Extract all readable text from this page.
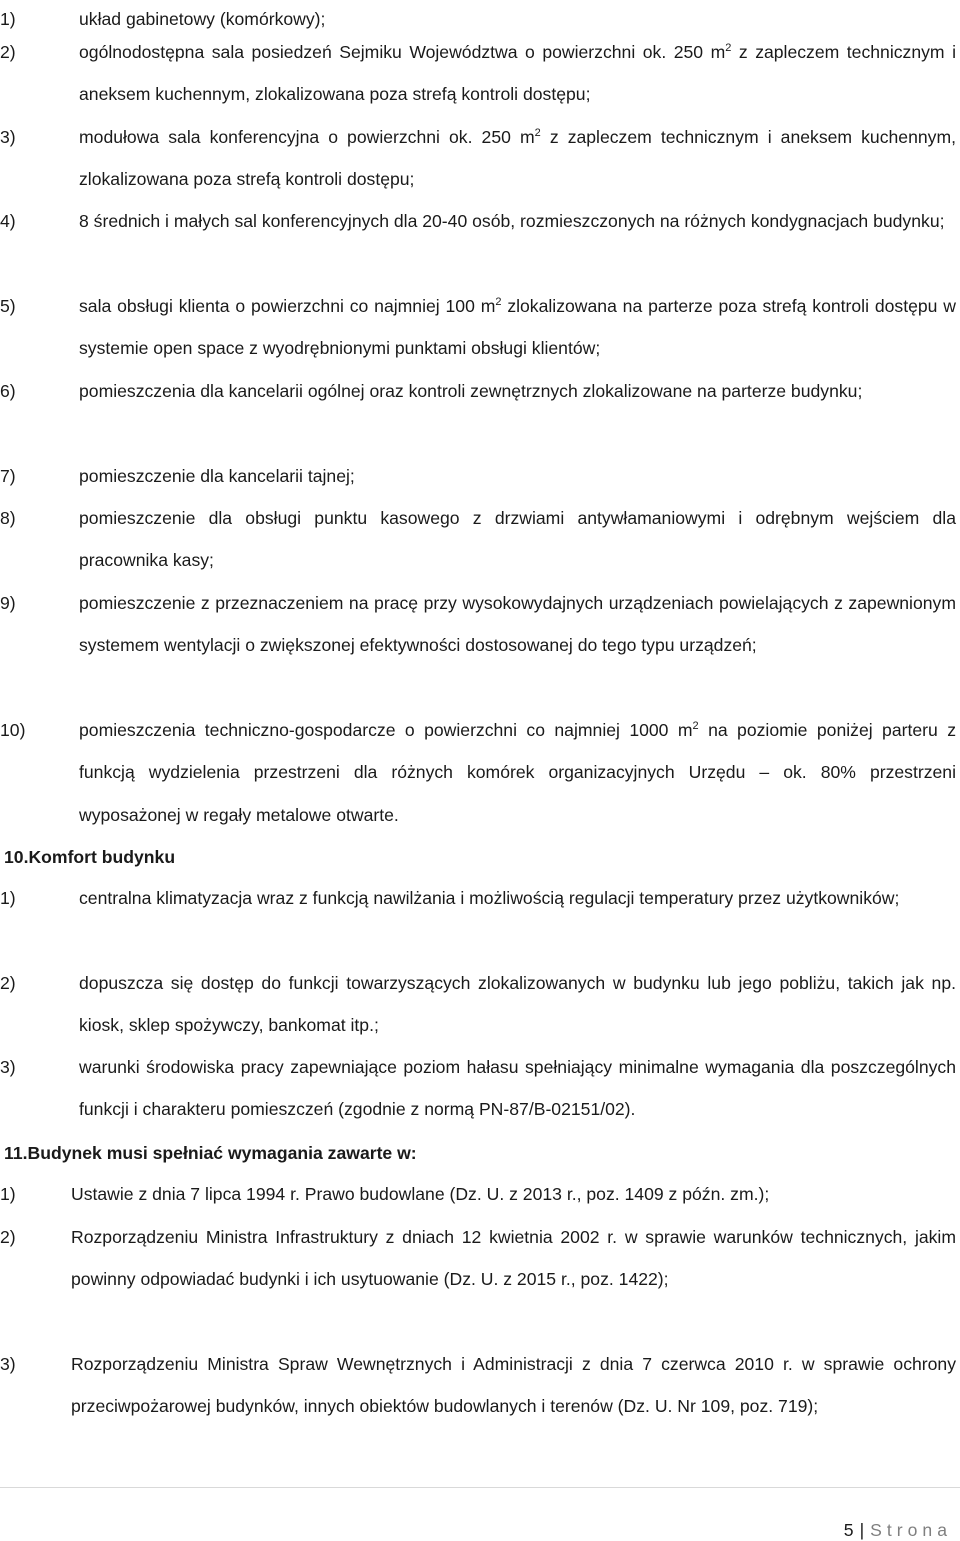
1)	układ gabinetowy (komórkowy);
2)	ogólnodostępna sala posiedzeń Sejmiku Województwa o powierzchni ok. 250 $m^2$ z zapleczem technicznym i aneksem kuchennym, zlokalizowana poza strefą kontroli dostępu;
3)	modułowa sala konferencyjna o powierzchni ok. 250 $m^2$ z zapleczem technicznym i aneksem kuchennym, zlokalizowana poza strefą kontroli dostępu;
4)	8 średnich i małych sal konferencyjnych dla 20-40 osób, rozmieszczonych na różnych kondygnacjach budynku;
5)	sala obsługi klienta o powierzchni co najmniej 100 $m^2$ zlokalizowana na parterze poza strefą kontroli dostępu w systemie open space z wyodrębnionymi punktami obsługi klientów;
6)	pomieszczenia dla kancelarii ogólnej oraz kontroli zewnętrznych zlokalizowane na parterze budynku;
7)	pomieszczenie dla kancelarii tajnej;
8)	pomieszczenie dla obsługi punktu kasowego z drzwiami antywłamaniowymi i odrębnym wejściem dla pracownika kasy;
9)	pomieszczenie z przeznaczeniem na pracę przy wysokowydajnych urządzeniach powielających z zapewnionym systemem wentylacji o zwiększonej efektywności dostosowanej do tego typu urządzeń;
10)	pomieszczenia techniczno-gospodarcze o powierzchni co najmniej 1000 $m^2$ na poziomie poniżej parteru z funkcją wydzielenia przestrzeni dla różnych komórek organizacyjnych Urzędu – ok. 80% przestrzeni wyposażonej w regały metalowe otwarte.
10.Komfort budynku
1)	centralna klimatyzacja wraz z funkcją nawilżania i możliwością regulacji temperatury przez użytkowników;
2)	dopuszcza się dostęp do funkcji towarzyszących zlokalizowanych w budynku lub jego pobliżu, takich jak np. kiosk, sklep spożywczy, bankomat itp.;
3)	warunki środowiska pracy zapewniające poziom hałasu spełniający minimalne wymagania dla poszczególnych funkcji i charakteru pomieszczeń (zgodnie z normą PN-87/B-02151/02).
11.Budynek musi spełniać wymagania zawarte w:
1)	Ustawie z dnia 7 lipca 1994 r. Prawo budowlane (Dz. U. z 2013 r., poz. 1409 z późn. zm.);
2)	Rozporządzeniu Ministra Infrastruktury z dniach 12 kwietnia 2002 r. w sprawie warunków technicznych, jakim powinny odpowiadać budynki i ich usytuowanie (Dz. U. z 2015 r., poz. 1422);
3)	Rozporządzeniu Ministra Spraw Wewnętrznych i Administracji z dnia 7 czerwca 2010 r. w sprawie ochrony przeciwpożarowej budynków, innych obiektów budowlanych i terenów (Dz. U. Nr 109, poz. 719);
5 | Strona
